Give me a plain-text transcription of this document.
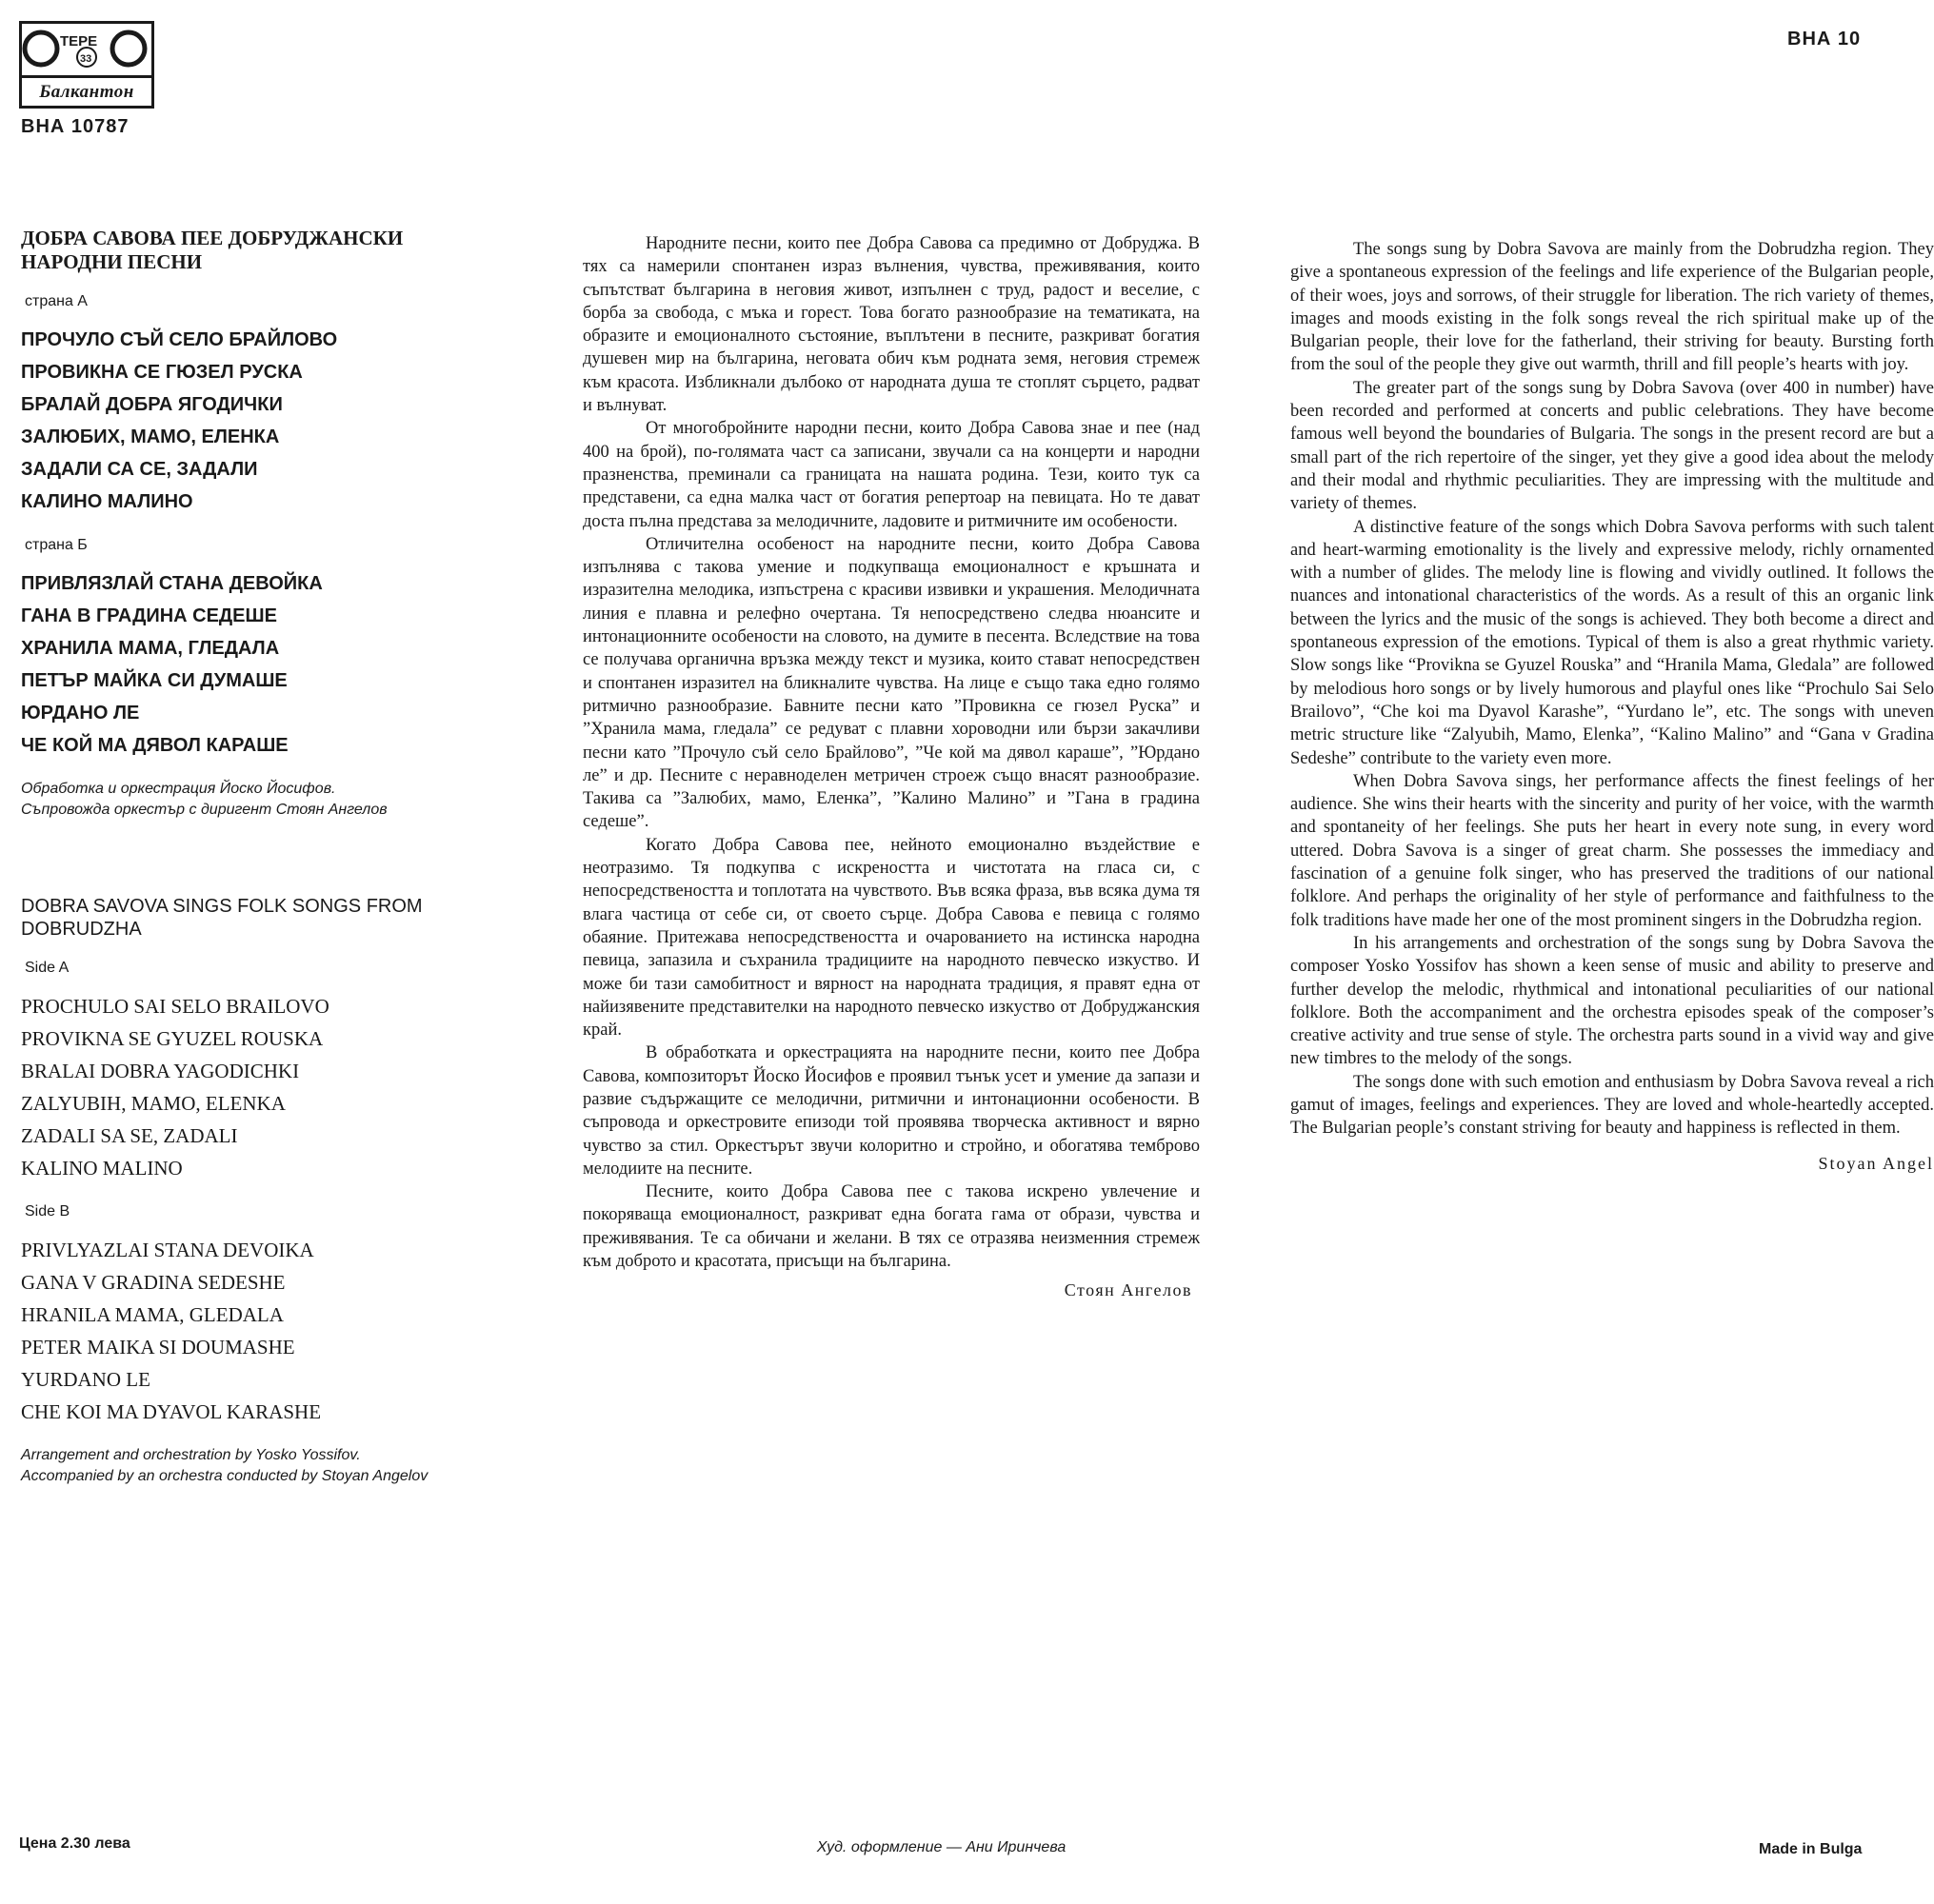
ТЕРЕ
33
Балкантон
ВНА 10787
ВНА 10
ДОБРА САВОВА ПЕЕ ДОБРУДЖАНСКИ
НАРОДНИ ПЕСНИ
страна А
ПРОЧУЛО СЪЙ СЕЛО БРАЙЛОВО
ПРОВИКНА СЕ ГЮЗЕЛ РУСКА
БРАЛАЙ ДОБРА ЯГОДИЧКИ
ЗАЛЮБИХ, МАМО, ЕЛЕНКА
ЗАДАЛИ СА СЕ, ЗАДАЛИ
КАЛИНО МАЛИНО
страна Б
ПРИВЛЯЗЛАЙ СТАНА ДЕВОЙКА
ГАНА В ГРАДИНА СЕДЕШЕ
ХРАНИЛА МАМА, ГЛЕДАЛА
ПЕТЪР МАЙКА СИ ДУМАШЕ
ЮРДАНО ЛЕ
ЧЕ КОЙ МА ДЯВОЛ КАРАШЕ
Обработка и оркестрация Йоско Йосифов.
Съпровожда оркестър с диригент Стоян Ангелов
DOBRA SAVOVA SINGS FOLK SONGS FROM
DOBRUDZHA
Side A
PROCHULO SAI SELO BRAILOVO
PROVIKNA SE GYUZEL ROUSKA
BRALAI DOBRA YAGODICHKI
ZALYUBIH, MAMO, ELENKA
ZADALI SA SE, ZADALI
KALINO MALINO
Side B
PRIVLYAZLAI STANA DEVOIKA
GANA V GRADINA SEDESHE
HRANILA MAMA, GLEDALA
PETER MAIKA SI DOUMASHE
YURDANO LE
CHE KOI MA DYAVOL KARASHE
Arrangement and orchestration by Yosko Yossifov.
Accompanied by an orchestra conducted by Stoyan Angelov

Народните песни, които пее Добра Савова са предимно от Добруджа. В тях са намерили спонтанен израз вълнения, чувства, преживявания, които съпътстват българина в неговия живот, изпълнен с труд, радост и веселие, с борба за свобода, с мъка и горест. Това богато разнообразие на тематиката, на образите и емоционалното състояние, въплътени в песните, разкриват богатия душевен мир на българина, неговата обич към родната земя, неговия стремеж към красота. Избликнали дълбоко от народната душа те стоплят сърцето, радват и вълнуват.

От многобройните народни песни, които Добра Савова знае и пее (над 400 на брой), по-голямата част са записани, звучали са на концерти и народни празненства, преминали са границата на нашата родина. Тези, които тук са представени, са една малка част от богатия репертоар на певицата. Но те дават доста пълна представа за мелодичните, ладовите и ритмичните им особености.

Отличителна особеност на народните песни, които Добра Савова изпълнява с такова умение и подкупваща емоционалност е кръшната и изразителна мелодика, изпъстрена с красиви извивки и украшения. Мелодичната линия е плавна и релефно очертана. Тя непосредствено следва нюансите и интонационните особености на словото, на думите в песента. Вследствие на това се получава органична връзка между текст и музика, които стават непосредствен и спонтанен изразител на бликналите чувства. На лице е също така едно голямо ритмично разнообразие. Бавните песни като ”Провикна се гюзел Руска” и ”Хранила мама, гледала” се редуват с плавни хороводни или бързи закачливи песни като ”Прочуло съй село Брайлово”, ”Че кой ма дявол караше”, ”Юрдано ле” и др. Песните с неравноделен метричен строеж също внасят разнообразие. Такива са ”Залюбих, мамо, Еленка”, ”Калино Малино” и ”Гана в градина седеше”.

Когато Добра Савова пее, нейното емоционално въздействие е неотразимо. Тя подкупва с искреността и чистотата на гласа си, с непосредствеността и топлотата на чувството. Във всяка фраза, във всяка дума тя влага частица от себе си, от своето сърце. Добра Савова е певица с голямо обаяние. Притежава непосредствеността и очарованието на истинска народна певица, запазила и съхранила традициите на народното певческо изкуство. И може би тази самобитност и вярност на народната традиция, я правят една от найизявените представителки на народното певческо изкуство от Добруджанския край.

В обработката и оркестрацията на народните песни, които пее Добра Савова, композиторът Йоско Йосифов е проявил тънък усет и умение да запази и развие съдържащите се мелодични, ритмични и интонационни особености. В съпровода и оркестровите епизоди той проявява творческа активност и вярно чувство за стил. Оркестърът звучи колоритно и стройно, и обогатява темброво мелодиите на песните.

Песните, които Добра Савова пее с такова искрено увлечение и покоряваща емоционалност, разкриват една богата гама от образи, чувства и преживявания. Те са обичани и желани. В тях се отразява неизменния стремеж към доброто и красотата, присъщи на българина.

Стоян Ангелов

The songs sung by Dobra Savova are mainly from the Dobrudzha region. They give a spontaneous expression of the feelings and life experience of the Bulgarian people, of their woes, joys and sorrows, of their struggle for liberation. The rich variety of themes, images and moods existing in the folk songs reveal the rich spiritual make up of the Bulgarian people, their love for the fatherland, their striving for beauty. Bursting forth from the soul of the people they give out warmth, thrill and fill people’s hearts with joy.

The greater part of the songs sung by Dobra Savova (over 400 in number) have been recorded and performed at concerts and public celebrations. They have become famous well beyond the boundaries of Bulgaria. The songs in the present record are but a small part of the rich repertoire of the singer, yet they give a good idea about the melody and their modal and rhythmic peculiarities. They are impressing with the multitude and variety of themes.

A distinctive feature of the songs which Dobra Savova performs with such talent and heart-warming emotionality is the lively and expressive melody, richly ornamented with a number of glides. The melody line is flowing and vividly outlined. It follows the nuances and intonational characteristics of the words. As a result of this an organic link between the lyrics and the music of the songs is achieved. They both become a direct and spontaneous expression of the emotions. Typical of them is also a great rhythmic variety. Slow songs like “Provikna se Gyuzel Rouska” and “Hranila Mama, Gledala” are followed by melodious horo songs or by lively humorous and playful ones like “Prochulo Sai Selo Brailovo”, “Che koi ma Dyavol Karashe”, “Yurdano le”, etc. The songs with uneven metric structure like “Zalyubih, Mamo, Elenka”, “Kalino Malino” and “Gana v Gradina Sedeshe” contribute to the variety even more.

When Dobra Savova sings, her performance affects the finest feelings of her audience. She wins their hearts with the sincerity and purity of her voice, with the warmth and spontaneity of her feelings. She puts her heart in every note sung, in every word uttered. Dobra Savova is a singer of great charm. She possesses the immediacy and fascination of a genuine folk singer, who has preserved the traditions of our national folklore. And perhaps the originality of her style of performance and faithfulness to the folk traditions have made her one of the most prominent singers in the Dobrudzha region.

In his arrangements and orchestration of the songs sung by Dobra Savova the composer Yosko Yossifov has shown a keen sense of music and ability to preserve and further develop the melodic, rhythmical and intonational peculiarities of our national folklore. Both the accompaniment and the orchestra episodes speak of the composer’s creative activity and true sense of style. The orchestra parts sound in a vivid way and give new timbres to the melody of the songs.

The songs done with such emotion and enthusiasm by Dobra Savova reveal a rich gamut of images, feelings and experiences. They are loved and whole-heartedly accepted. The Bulgarian people’s constant striving for beauty and happiness is reflected in them.

Stoyan Angel
Цена 2.30 лева	Худ. оформление — Ани Иринчева	Made in Bulga
